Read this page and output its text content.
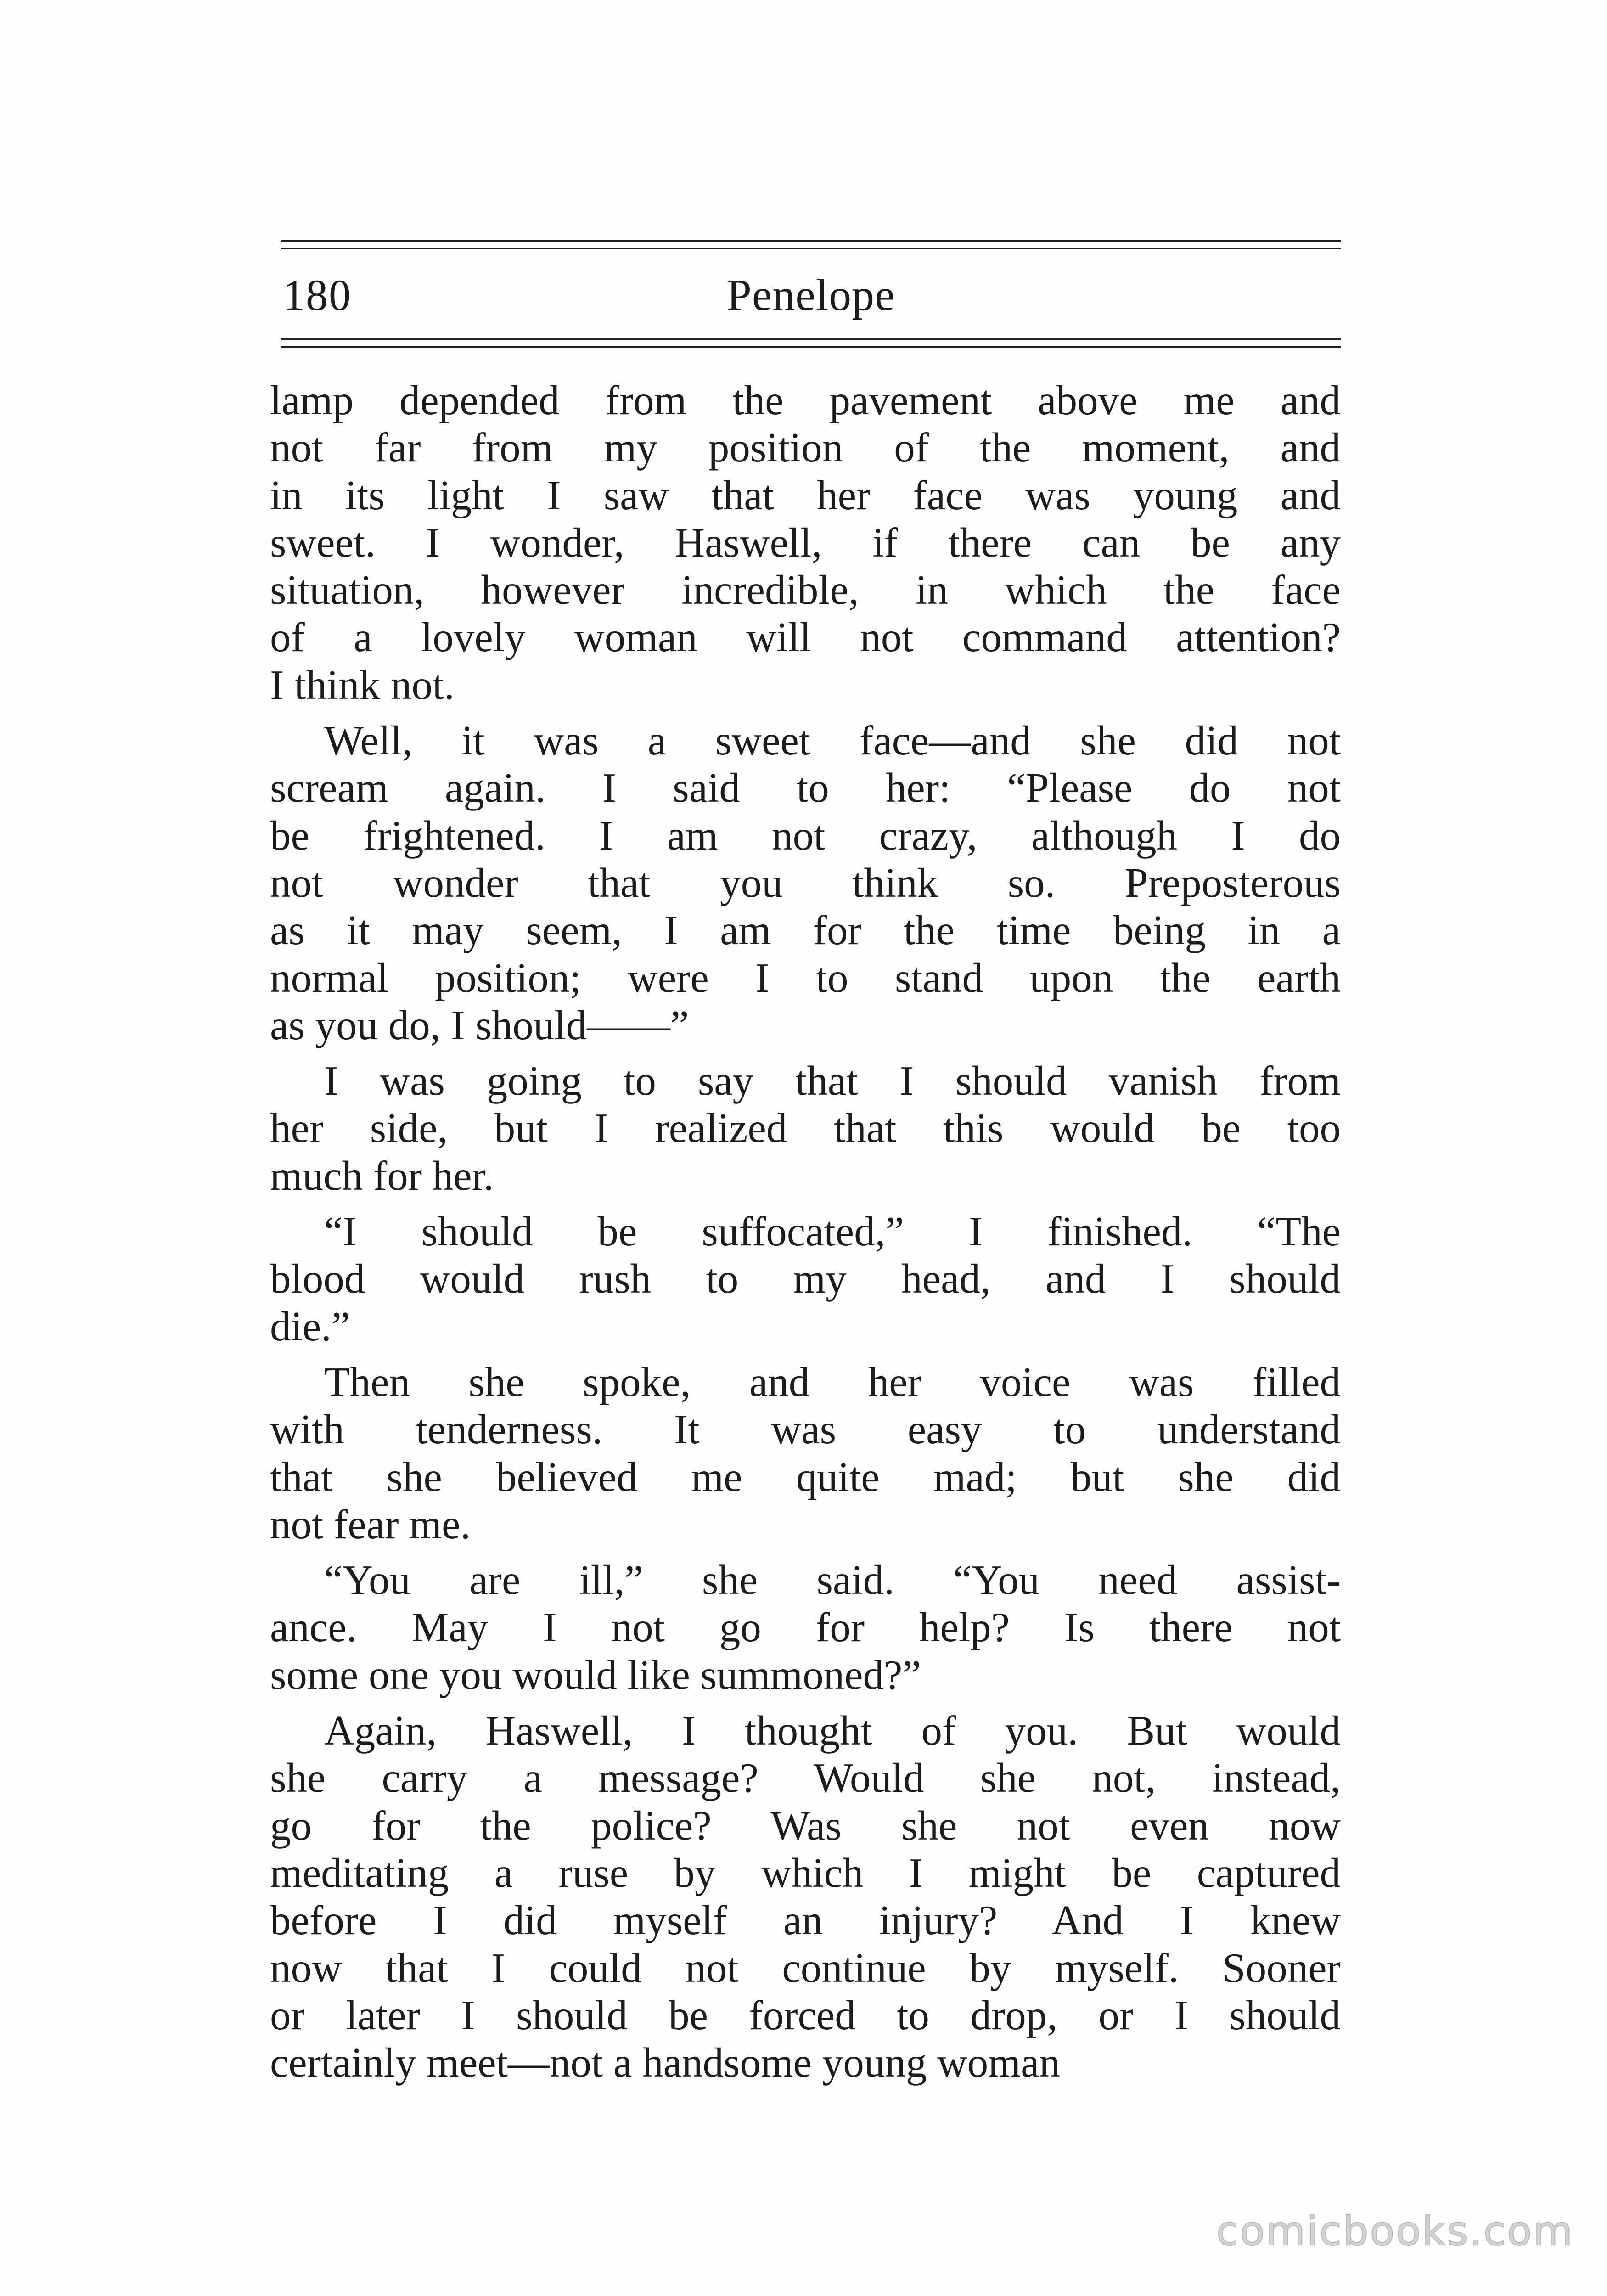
180	Penelope

lamp depended from the pavement above me and
not far from my position of the moment, and
in its light I saw that her face was young and
sweet. I wonder, Haswell, if there can be any
situation, however incredible, in which the face
of a lovely woman will not command attention?
I think not.

Well, it was a sweet face—and she did not
scream again. I said to her: “Please do not
be frightened. I am not crazy, although I do
not wonder that you think so. Preposterous
as it may seem, I am for the time being in a
normal position; were I to stand upon the earth
as you do, I should——”

I was going to say that I should vanish from
her side, but I realized that this would be too
much for her.

“I should be suffocated,” I finished. “The
blood would rush to my head, and I should
die.”

Then she spoke, and her voice was filled
with tenderness. It was easy to understand
that she believed me quite mad; but she did
not fear me.

“You are ill,” she said. “You need assist-
ance. May I not go for help? Is there not
some one you would like summoned?”

Again, Haswell, I thought of you. But would
she carry a message? Would she not, instead,
go for the police? Was she not even now
meditating a ruse by which I might be captured
before I did myself an injury? And I knew
now that I could not continue by myself. Sooner
or later I should be forced to drop, or I should
certainly meet—not a handsome young woman

comicbooks.com
